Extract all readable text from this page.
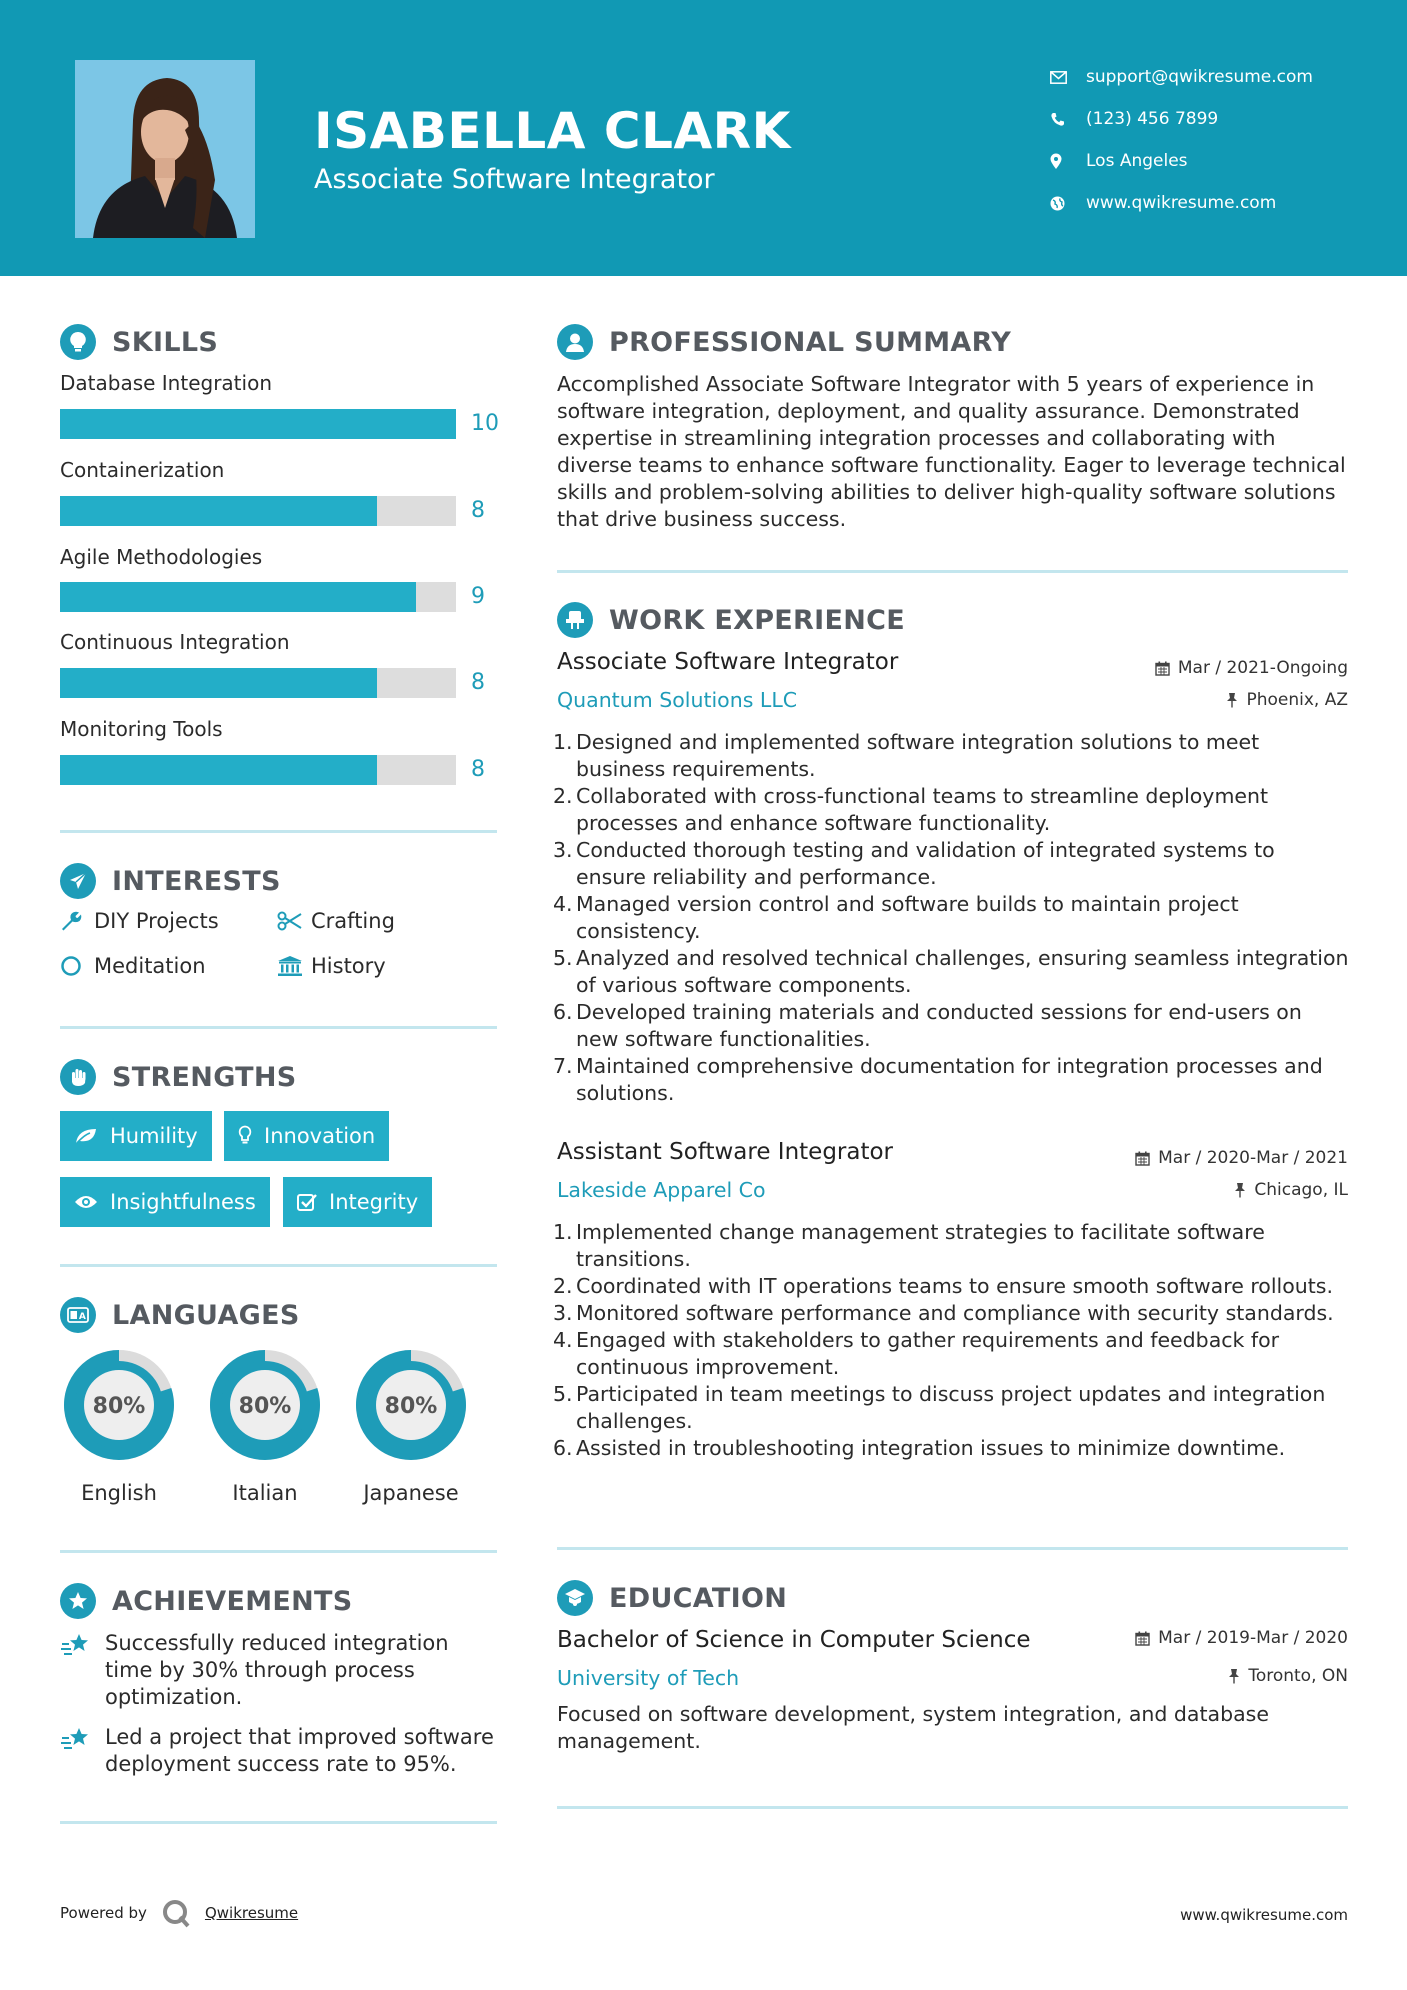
ISABELLA CLARK
Associate Software Integrator
support@qwikresume.com
(123) 456 7899
Los Angeles
www.qwikresume.com
SKILLS
Database Integration
10
Containerization
8
Agile Methodologies
9
Continuous Integration
8
Monitoring Tools
8
INTERESTS
DIY Projects	Crafting
Meditation	History
STRENGTHS
Humility	Innovation
Insightfulness	Integrity
A LANGUAGES
80%
English
80%
Italian
80%
Japanese
ACHIEVEMENTS
Successfully reduced integration time by 30% through process optimization.
Led a project that improved software deployment success rate to 95%.
PROFESSIONAL SUMMARY
Accomplished Associate Software Integrator with 5 years of experience in software integration, deployment, and quality assurance. Demonstrated expertise in streamlining integration processes and collaborating with diverse teams to enhance software functionality. Eager to leverage technical skills and problem-solving abilities to deliver high-quality software solutions that drive business success.
WORK EXPERIENCE
Associate Software Integrator	Mar / 2021-Ongoing
Quantum Solutions LLC	Phoenix, AZ
Designed and implemented software integration solutions to meet business requirements.
Collaborated with cross-functional teams to streamline deployment processes and enhance software functionality.
Conducted thorough testing and validation of integrated systems to ensure reliability and performance.
Managed version control and software builds to maintain project consistency.
Analyzed and resolved technical challenges, ensuring seamless integration of various software components.
Developed training materials and conducted sessions for end-users on new software functionalities.
Maintained comprehensive documentation for integration processes and solutions.
Assistant Software Integrator	Mar / 2020-Mar / 2021
Lakeside Apparel Co	Chicago, IL
Implemented change management strategies to facilitate software transitions.
Coordinated with IT operations teams to ensure smooth software rollouts.
Monitored software performance and compliance with security standards.
Engaged with stakeholders to gather requirements and feedback for continuous improvement.
Participated in team meetings to discuss project updates and integration challenges.
Assisted in troubleshooting integration issues to minimize downtime.
EDUCATION
Bachelor of Science in Computer Science	Mar / 2019-Mar / 2020
University of Tech	Toronto, ON
Focused on software development, system integration, and database management.
Powered by	Qwikresume	www.qwikresume.com
